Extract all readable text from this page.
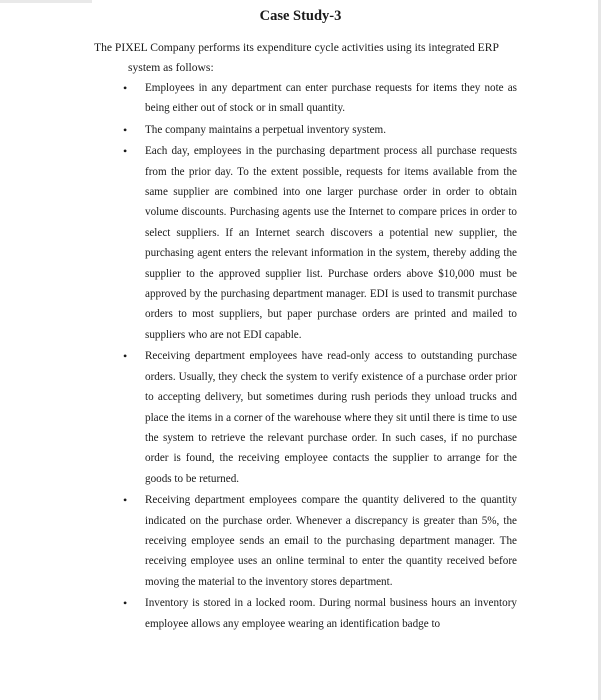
Case Study-3

The PIXEL Company performs its expenditure cycle activities using its integrated ERP
system as follows:

• Employees in any department can enter purchase requests for items they note as being either out of stock or in small quantity.
• The company maintains a perpetual inventory system.
• Each day, employees in the purchasing department process all purchase requests from the prior day. To the extent possible, requests for items available from the same supplier are combined into one larger purchase order in order to obtain volume discounts. Purchasing agents use the Internet to compare prices in order to select suppliers. If an Internet search discovers a potential new supplier, the purchasing agent enters the relevant information in the system, thereby adding the supplier to the approved supplier list. Purchase orders above $10,000 must be approved by the purchasing department manager. EDI is used to transmit purchase orders to most suppliers, but paper purchase orders are printed and mailed to suppliers who are not EDI capable.
• Receiving department employees have read-only access to outstanding purchase orders. Usually, they check the system to verify existence of a purchase order prior to accepting delivery, but sometimes during rush periods they unload trucks and place the items in a corner of the warehouse where they sit until there is time to use the system to retrieve the relevant purchase order. In such cases, if no purchase order is found, the receiving employee contacts the supplier to arrange for the goods to be returned.
• Receiving department employees compare the quantity delivered to the quantity indicated on the purchase order. Whenever a discrepancy is greater than 5%, the receiving employee sends an email to the purchasing department manager. The receiving employee uses an online terminal to enter the quantity received before moving the material to the inventory stores department.
• Inventory is stored in a locked room. During normal business hours an inventory employee allows any employee wearing an identification badge to
